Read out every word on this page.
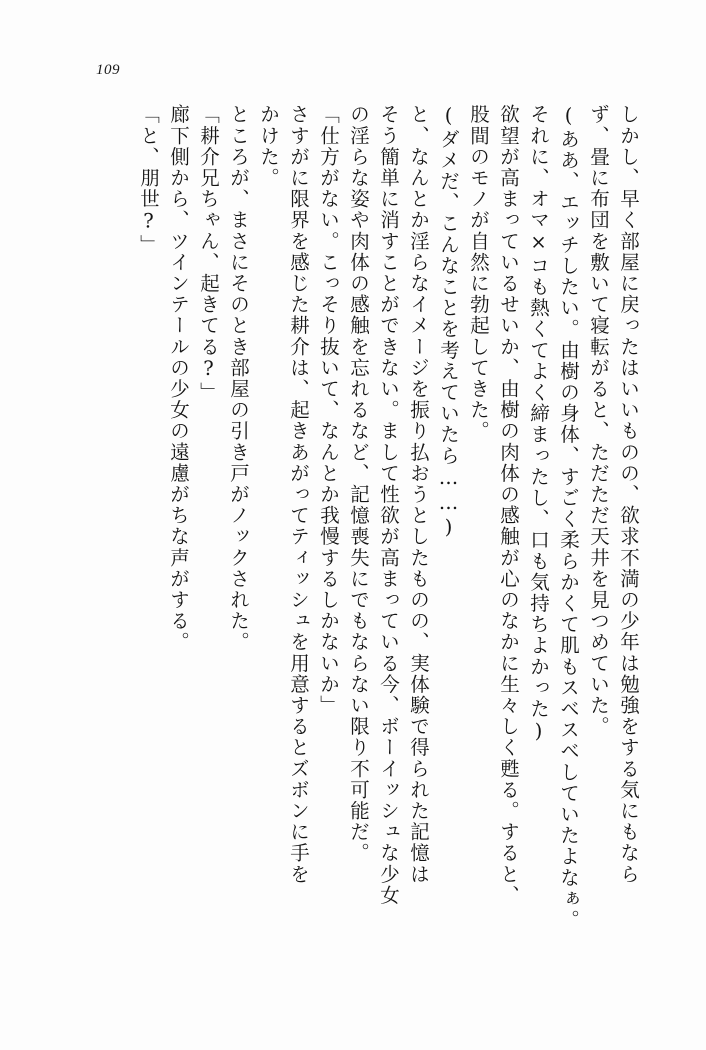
109
しかし、早く部屋に戻ったはいいものの、欲求不満の少年は勉強をする気にもなら
ず、畳に布団を敷いて寝転がると、ただただ天井を見つめていた。
(ああ、エッチしたい。由樹の身体、すごく柔らかくて肌もスベスベしていたよなぁ。
それに、オマ×コも熱くてよく締まったし、口も気持ちよかった)
欲望が高まっているせいか、由樹の肉体の感触が心のなかに生々しく甦る。すると、
股間のモノが自然に勃起してきた。
(ダメだ、こんなことを考えていたら……)
と、なんとか淫らなイメージを振り払おうとしたものの、実体験で得られた記憶は
そう簡単に消すことができない。まして性欲が高まっている今、ボーイッシュな少女
の淫らな姿や肉体の感触を忘れるなど、記憶喪失にでもならない限り不可能だ。
「仕方がない。こっそり抜いて、なんとか我慢するしかないか」
さすがに限界を感じた耕介は、起きあがってティッシュを用意するとズボンに手を
かけた。
ところが、まさにそのとき部屋の引き戸がノックされた。
「耕介兄ちゃん、起きてる?」
廊下側から、ツインテールの少女の遠慮がちな声がする。
「と、朋世?」
